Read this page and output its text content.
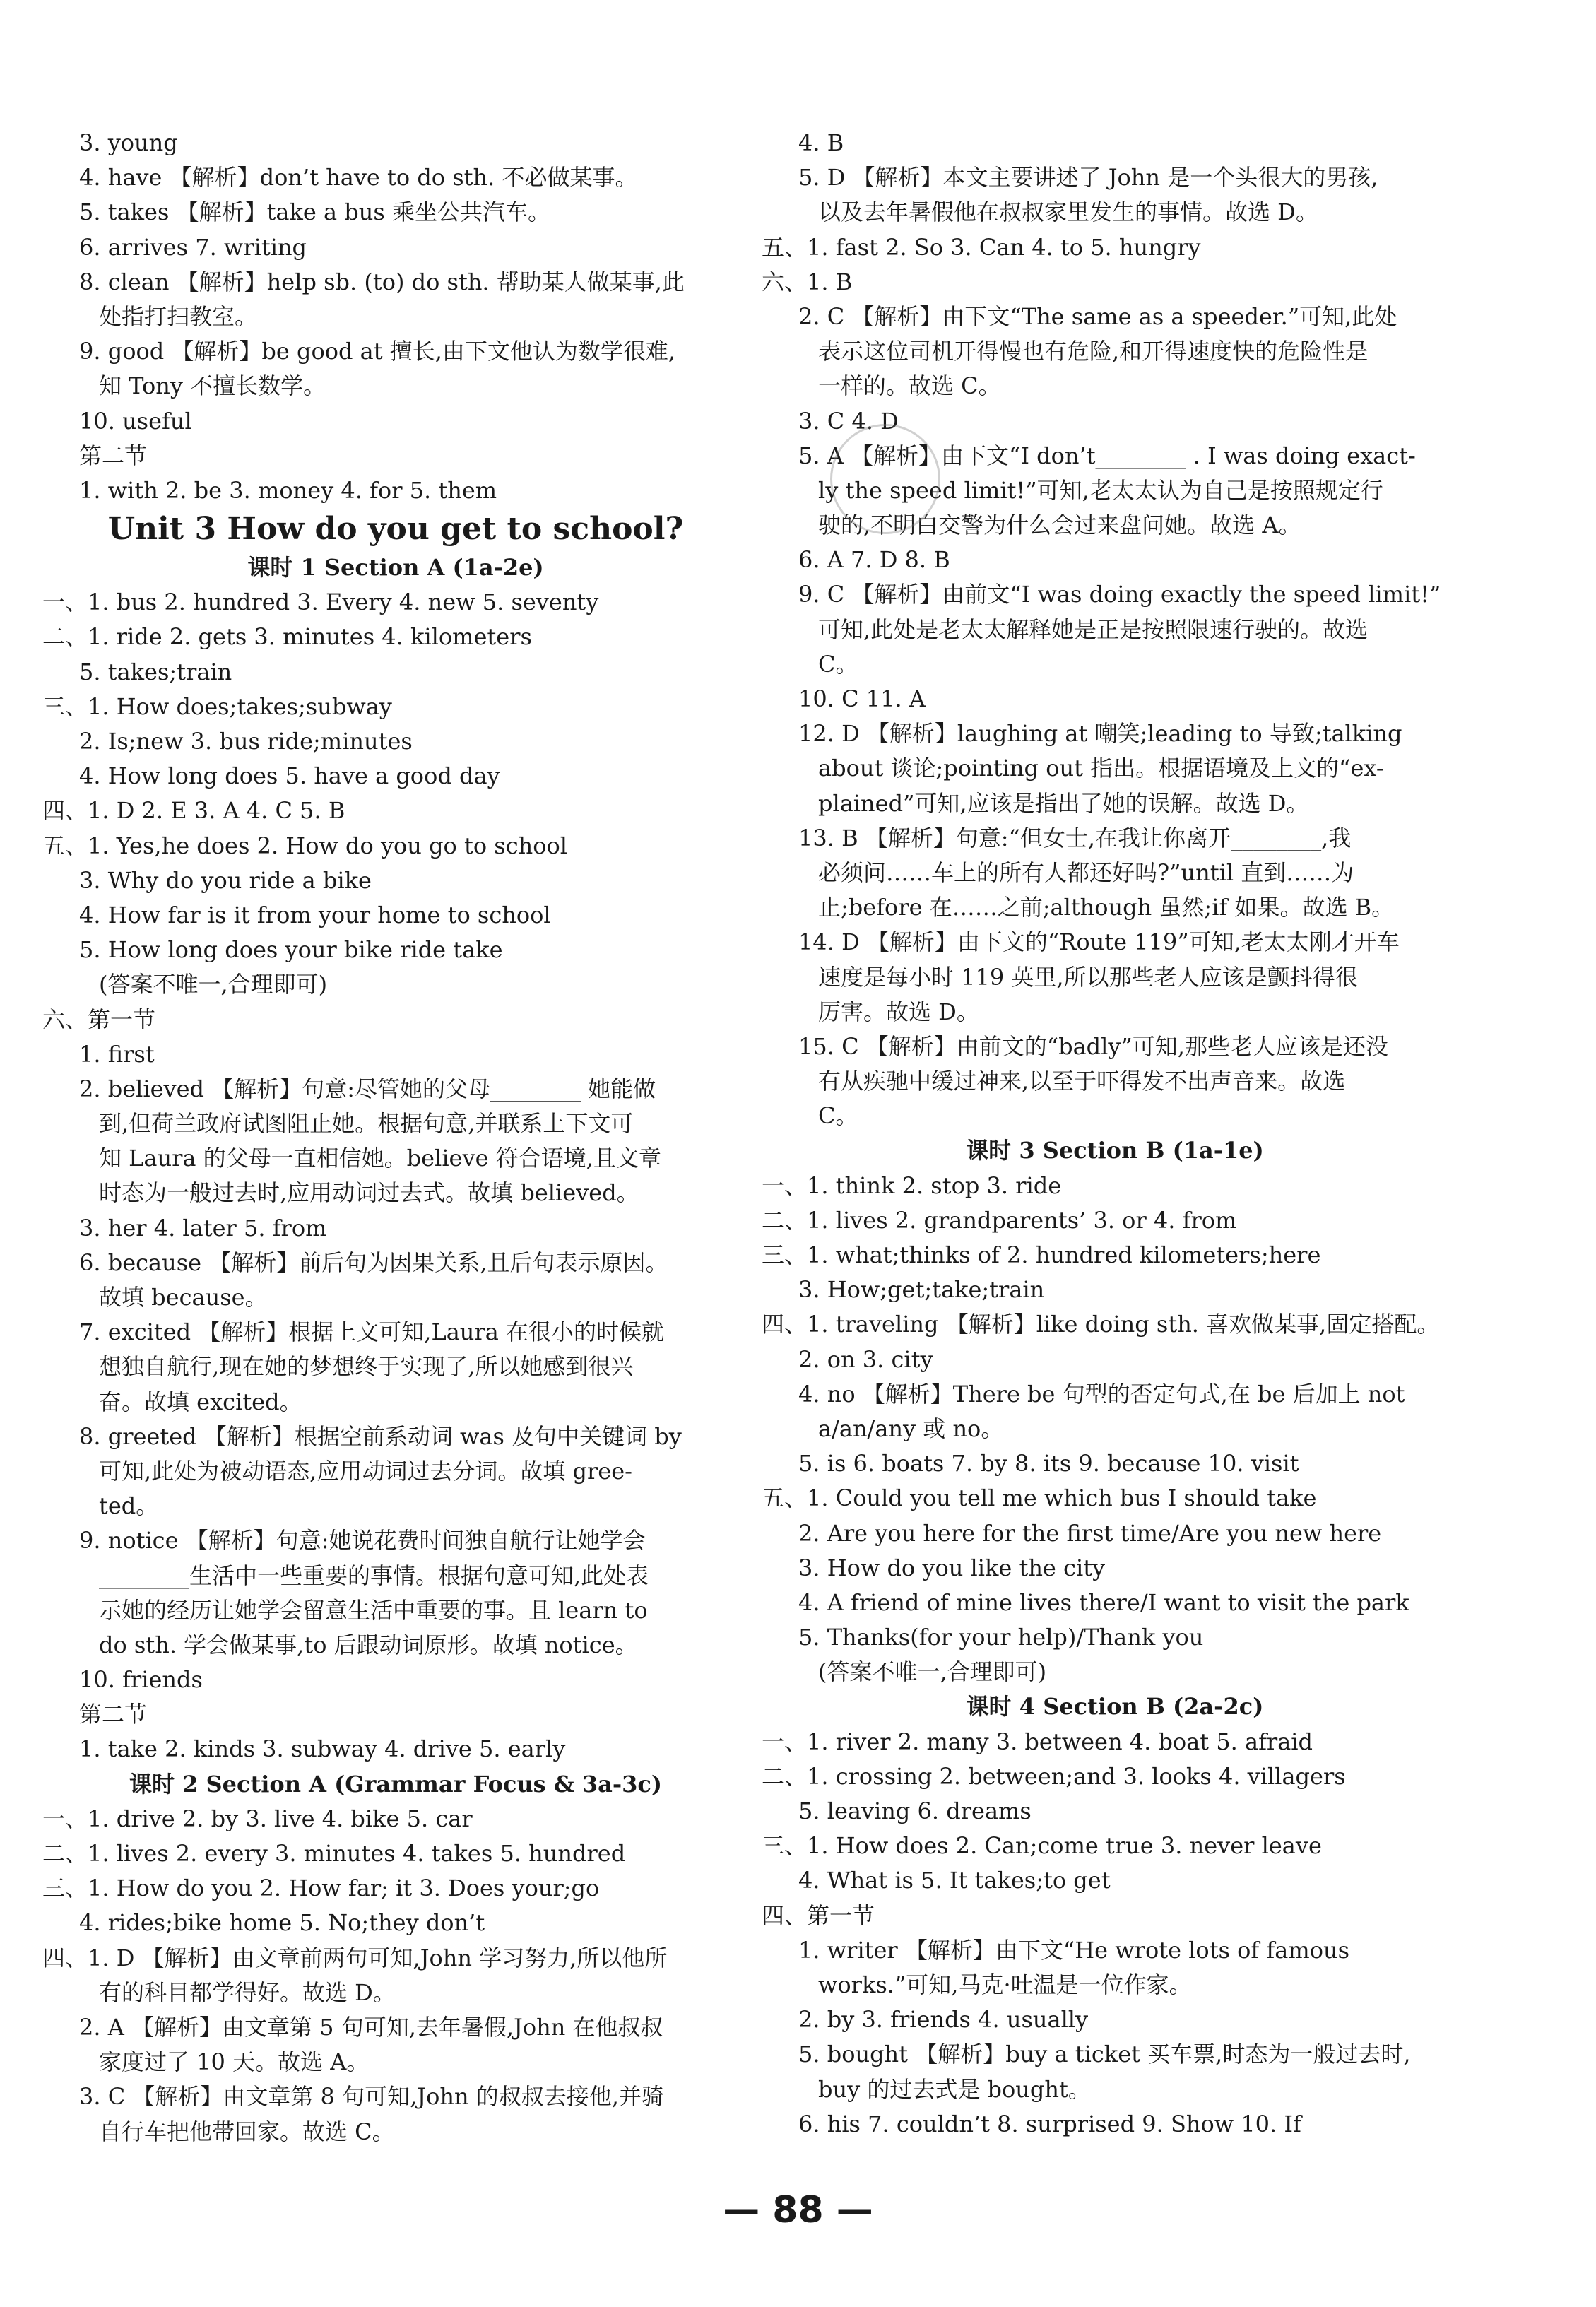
3. young
4. have 【解析】don’t have to do sth. 不必做某事。
5. takes 【解析】take a bus 乘坐公共汽车。
6. arrives 7. writing
8. clean 【解析】help sb. (to) do sth. 帮助某人做某事,此
处指打扫教室。
9. good 【解析】be good at 擅长,由下文他认为数学很难,
知 Tony 不擅长数学。
10. useful
第二节
1. with 2. be 3. money 4. for 5. them
Unit 3 How do you get to school?
课时 1 Section A (1a-2e)
一、1. bus 2. hundred 3. Every 4. new 5. seventy
二、1. ride 2. gets 3. minutes 4. kilometers
5. takes;train
三、1. How does;takes;subway
2. Is;new 3. bus ride;minutes
4. How long does 5. have a good day
四、1. D 2. E 3. A 4. C 5. B
五、1. Yes,he does 2. How do you go to school
3. Why do you ride a bike
4. How far is it from your home to school
5. How long does your bike ride take
(答案不唯一,合理即可)
六、第一节
1. first
2. believed 【解析】句意:尽管她的父母________ 她能做
到,但荷兰政府试图阻止她。根据句意,并联系上下文可
知 Laura 的父母一直相信她。believe 符合语境,且文章
时态为一般过去时,应用动词过去式。故填 believed。
3. her 4. later 5. from
6. because 【解析】前后句为因果关系,且后句表示原因。
故填 because。
7. excited 【解析】根据上文可知,Laura 在很小的时候就
想独自航行,现在她的梦想终于实现了,所以她感到很兴
奋。故填 excited。
8. greeted 【解析】根据空前系动词 was 及句中关键词 by
可知,此处为被动语态,应用动词过去分词。故填 gree-
ted。
9. notice 【解析】句意:她说花费时间独自航行让她学会
________生活中一些重要的事情。根据句意可知,此处表
示她的经历让她学会留意生活中重要的事。且 learn to
do sth. 学会做某事,to 后跟动词原形。故填 notice。
10. friends
第二节
1. take 2. kinds 3. subway 4. drive 5. early
课时 2 Section A (Grammar Focus & 3a-3c)
一、1. drive 2. by 3. live 4. bike 5. car
二、1. lives 2. every 3. minutes 4. takes 5. hundred
三、1. How do you 2. How far; it 3. Does your;go
4. rides;bike home 5. No;they don’t
四、1. D 【解析】由文章前两句可知,John 学习努力,所以他所
有的科目都学得好。故选 D。
2. A 【解析】由文章第 5 句可知,去年暑假,John 在他叔叔
家度过了 10 天。故选 A。
3. C 【解析】由文章第 8 句可知,John 的叔叔去接他,并骑
自行车把他带回家。故选 C。
4. B
5. D 【解析】本文主要讲述了 John 是一个头很大的男孩,
以及去年暑假他在叔叔家里发生的事情。故选 D。
五、1. fast 2. So 3. Can 4. to 5. hungry
六、1. B
2. C 【解析】由下文“The same as a speeder.”可知,此处
表示这位司机开得慢也有危险,和开得速度快的危险性是
一样的。故选 C。
3. C 4. D
5. A 【解析】由下文“I don’t________ . I was doing exact-
ly the speed limit!”可知,老太太认为自己是按照规定行
驶的,不明白交警为什么会过来盘问她。故选 A。
6. A 7. D 8. B
9. C 【解析】由前文“I was doing exactly the speed limit!”
可知,此处是老太太解释她是正是按照限速行驶的。故选
C。
10. C 11. A
12. D 【解析】laughing at 嘲笑;leading to 导致;talking
about 谈论;pointing out 指出。根据语境及上文的“ex-
plained”可知,应该是指出了她的误解。故选 D。
13. B 【解析】句意:“但女士,在我让你离开________,我
必须问……车上的所有人都还好吗?”until 直到……为
止;before 在……之前;although 虽然;if 如果。故选 B。
14. D 【解析】由下文的“Route 119”可知,老太太刚才开车
速度是每小时 119 英里,所以那些老人应该是颤抖得很
厉害。故选 D。
15. C 【解析】由前文的“badly”可知,那些老人应该是还没
有从疾驰中缓过神来,以至于吓得发不出声音来。故选
C。
课时 3 Section B (1a-1e)
一、1. think 2. stop 3. ride
二、1. lives 2. grandparents’ 3. or 4. from
三、1. what;thinks of 2. hundred kilometers;here
3. How;get;take;train
四、1. traveling 【解析】like doing sth. 喜欢做某事,固定搭配。
2. on 3. city
4. no 【解析】There be 句型的否定句式,在 be 后加上 not
a/an/any 或 no。
5. is 6. boats 7. by 8. its 9. because 10. visit
五、1. Could you tell me which bus I should take
2. Are you here for the first time/Are you new here
3. How do you like the city
4. A friend of mine lives there/I want to visit the park
5. Thanks(for your help)/Thank you
(答案不唯一,合理即可)
课时 4 Section B (2a-2c)
一、1. river 2. many 3. between 4. boat 5. afraid
二、1. crossing 2. between;and 3. looks 4. villagers
5. leaving 6. dreams
三、1. How does 2. Can;come true 3. never leave
4. What is 5. It takes;to get
四、第一节
1. writer 【解析】由下文“He wrote lots of famous
works.”可知,马克·吐温是一位作家。
2. by 3. friends 4. usually
5. bought 【解析】buy a ticket 买车票,时态为一般过去时,
buy 的过去式是 bought。
6. his 7. couldn’t 8. surprised 9. Show 10. If
— 88 —
